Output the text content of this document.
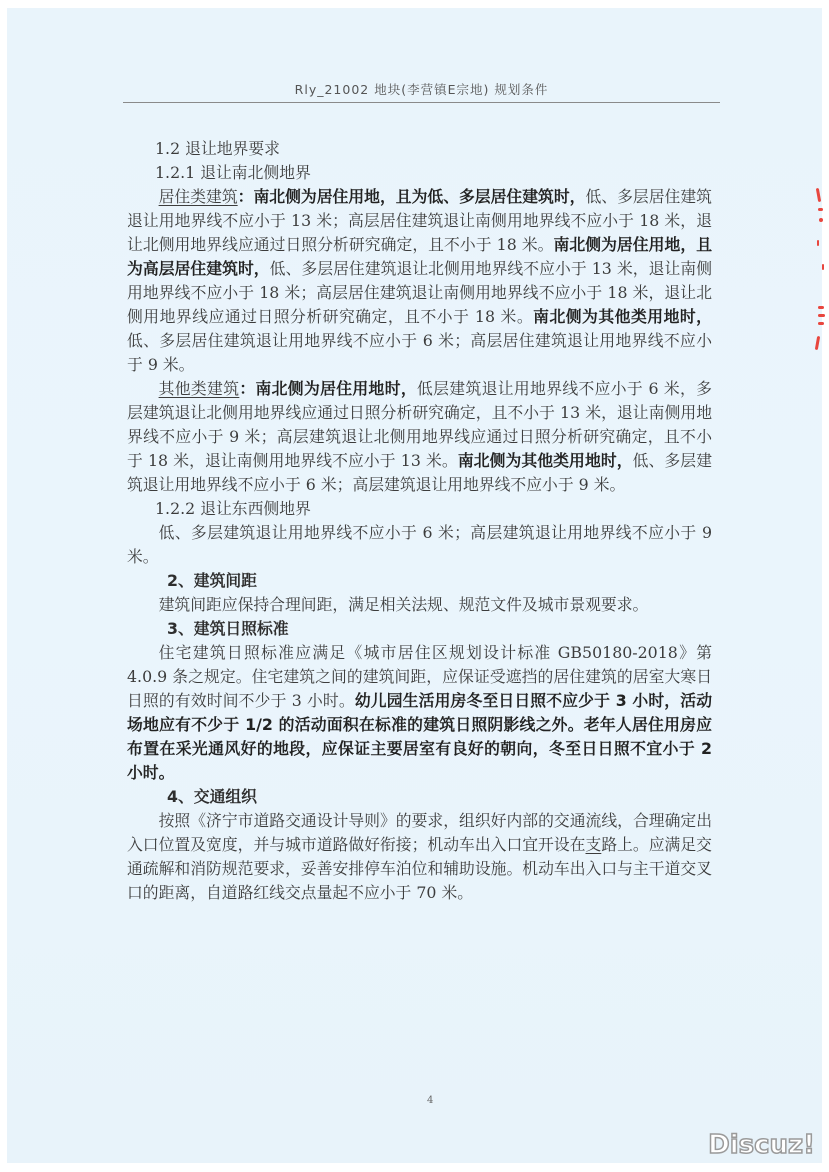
Rly_21002 地块(李营镇E宗地) 规划条件

1.2 退让地界要求

1.2.1 退让南北侧地界

居住类建筑：南北侧为居住用地，且为低、多层居住建筑时，低、多层居住建筑退让用地界线不应小于 13 米；高层居住建筑退让南侧用地界线不应小于 18 米，退让北侧用地界线应通过日照分析研究确定，且不小于 18 米。南北侧为居住用地，且为高层居住建筑时，低、多层居住建筑退让北侧用地界线不应小于 13 米，退让南侧用地界线不应小于 18 米；高层居住建筑退让南侧用地界线不应小于 18 米，退让北侧用地界线应通过日照分析研究确定，且不小于 18 米。南北侧为其他类用地时，低、多层居住建筑退让用地界线不应小于 6 米；高层居住建筑退让用地界线不应小于 9 米。

其他类建筑：南北侧为居住用地时，低层建筑退让用地界线不应小于 6 米，多层建筑退让北侧用地界线应通过日照分析研究确定，且不小于 13 米，退让南侧用地界线不应小于 9 米；高层建筑退让北侧用地界线应通过日照分析研究确定，且不小于 18 米，退让南侧用地界线不应小于 13 米。南北侧为其他类用地时，低、多层建筑退让用地界线不应小于 6 米；高层建筑退让用地界线不应小于 9 米。

1.2.2 退让东西侧地界

低、多层建筑退让用地界线不应小于 6 米；高层建筑退让用地界线不应小于 9 米。

2、建筑间距

建筑间距应保持合理间距，满足相关法规、规范文件及城市景观要求。

3、建筑日照标准

住宅建筑日照标准应满足《城市居住区规划设计标准 GB50180-2018》第 4.0.9 条之规定。住宅建筑之间的建筑间距，应保证受遮挡的居住建筑的居室大寒日日照的有效时间不少于 3 小时。幼儿园生活用房冬至日日照不应少于 3 小时，活动场地应有不少于 1/2 的活动面积在标准的建筑日照阴影线之外。老年人居住用房应布置在采光通风好的地段，应保证主要居室有良好的朝向，冬至日日照不宜小于 2 小时。

4、交通组织

按照《济宁市道路交通设计导则》的要求，组织好内部的交通流线，合理确定出入口位置及宽度，并与城市道路做好衔接；机动车出入口宜开设在支路上。应满足交通疏解和消防规范要求，妥善安排停车泊位和辅助设施。机动车出入口与主干道交叉口的距离，自道路红线交点量起不应小于 70 米。

4
Discuz!
